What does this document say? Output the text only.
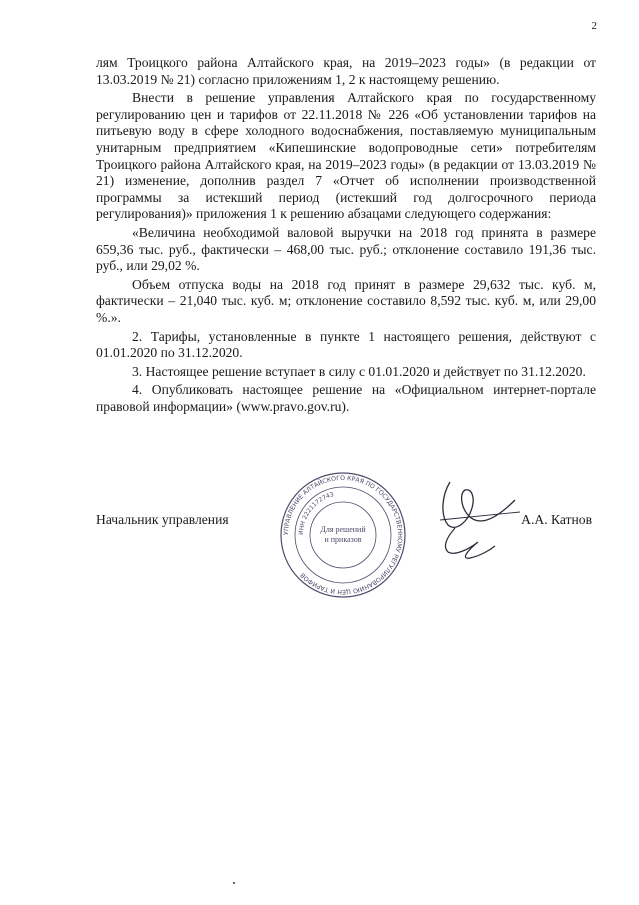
2

лям Троицкого района Алтайского края, на 2019–2023 годы» (в редакции от 13.03.2019 № 21) согласно приложениям 1, 2 к настоящему решению.

Внести в решение управления Алтайского края по государственному регулированию цен и тарифов от 22.11.2018 № 226 «Об установлении тарифов на питьевую воду в сфере холодного водоснабжения, поставляемую муниципальным унитарным предприятием «Кипешинские водопроводные сети» потребителям Троицкого района Алтайского края, на 2019–2023 годы» (в редакции от 13.03.2019 № 21) изменение, дополнив раздел 7 «Отчет об исполнении производственной программы за истекший период (истекший год долгосрочного периода регулирования)» приложения 1 к решению абзацами следующего содержания:

«Величина необходимой валовой выручки на 2018 год принята в размере 659,36 тыс. руб., фактически – 468,00 тыс. руб.; отклонение составило 191,36 тыс. руб., или 29,02 %.

Объем отпуска воды на 2018 год принят в размере 29,632 тыс. куб. м, фактически – 21,040 тыс. куб. м; отклонение составило 8,592 тыс. куб. м, или 29,00 %.».

2. Тарифы, установленные в пункте 1 настоящего решения, действуют с 01.01.2020 по 31.12.2020.

3. Настоящее решение вступает в силу с 01.01.2020 и действует по 31.12.2020.

4. Опубликовать настоящее решение на «Официальном интернет-портале правовой информации» (www.pravo.gov.ru).

Начальник управления	А.А. Катнов
УПРАВЛЕНИЕ АЛТАЙСКОГО КРАЯ ПО ГОСУДАРСТВЕННОМУ РЕГУЛИРОВАНИЮ ЦЕН И ТАРИФОВ
ИНН 2221172743
Для решений
и приказов
